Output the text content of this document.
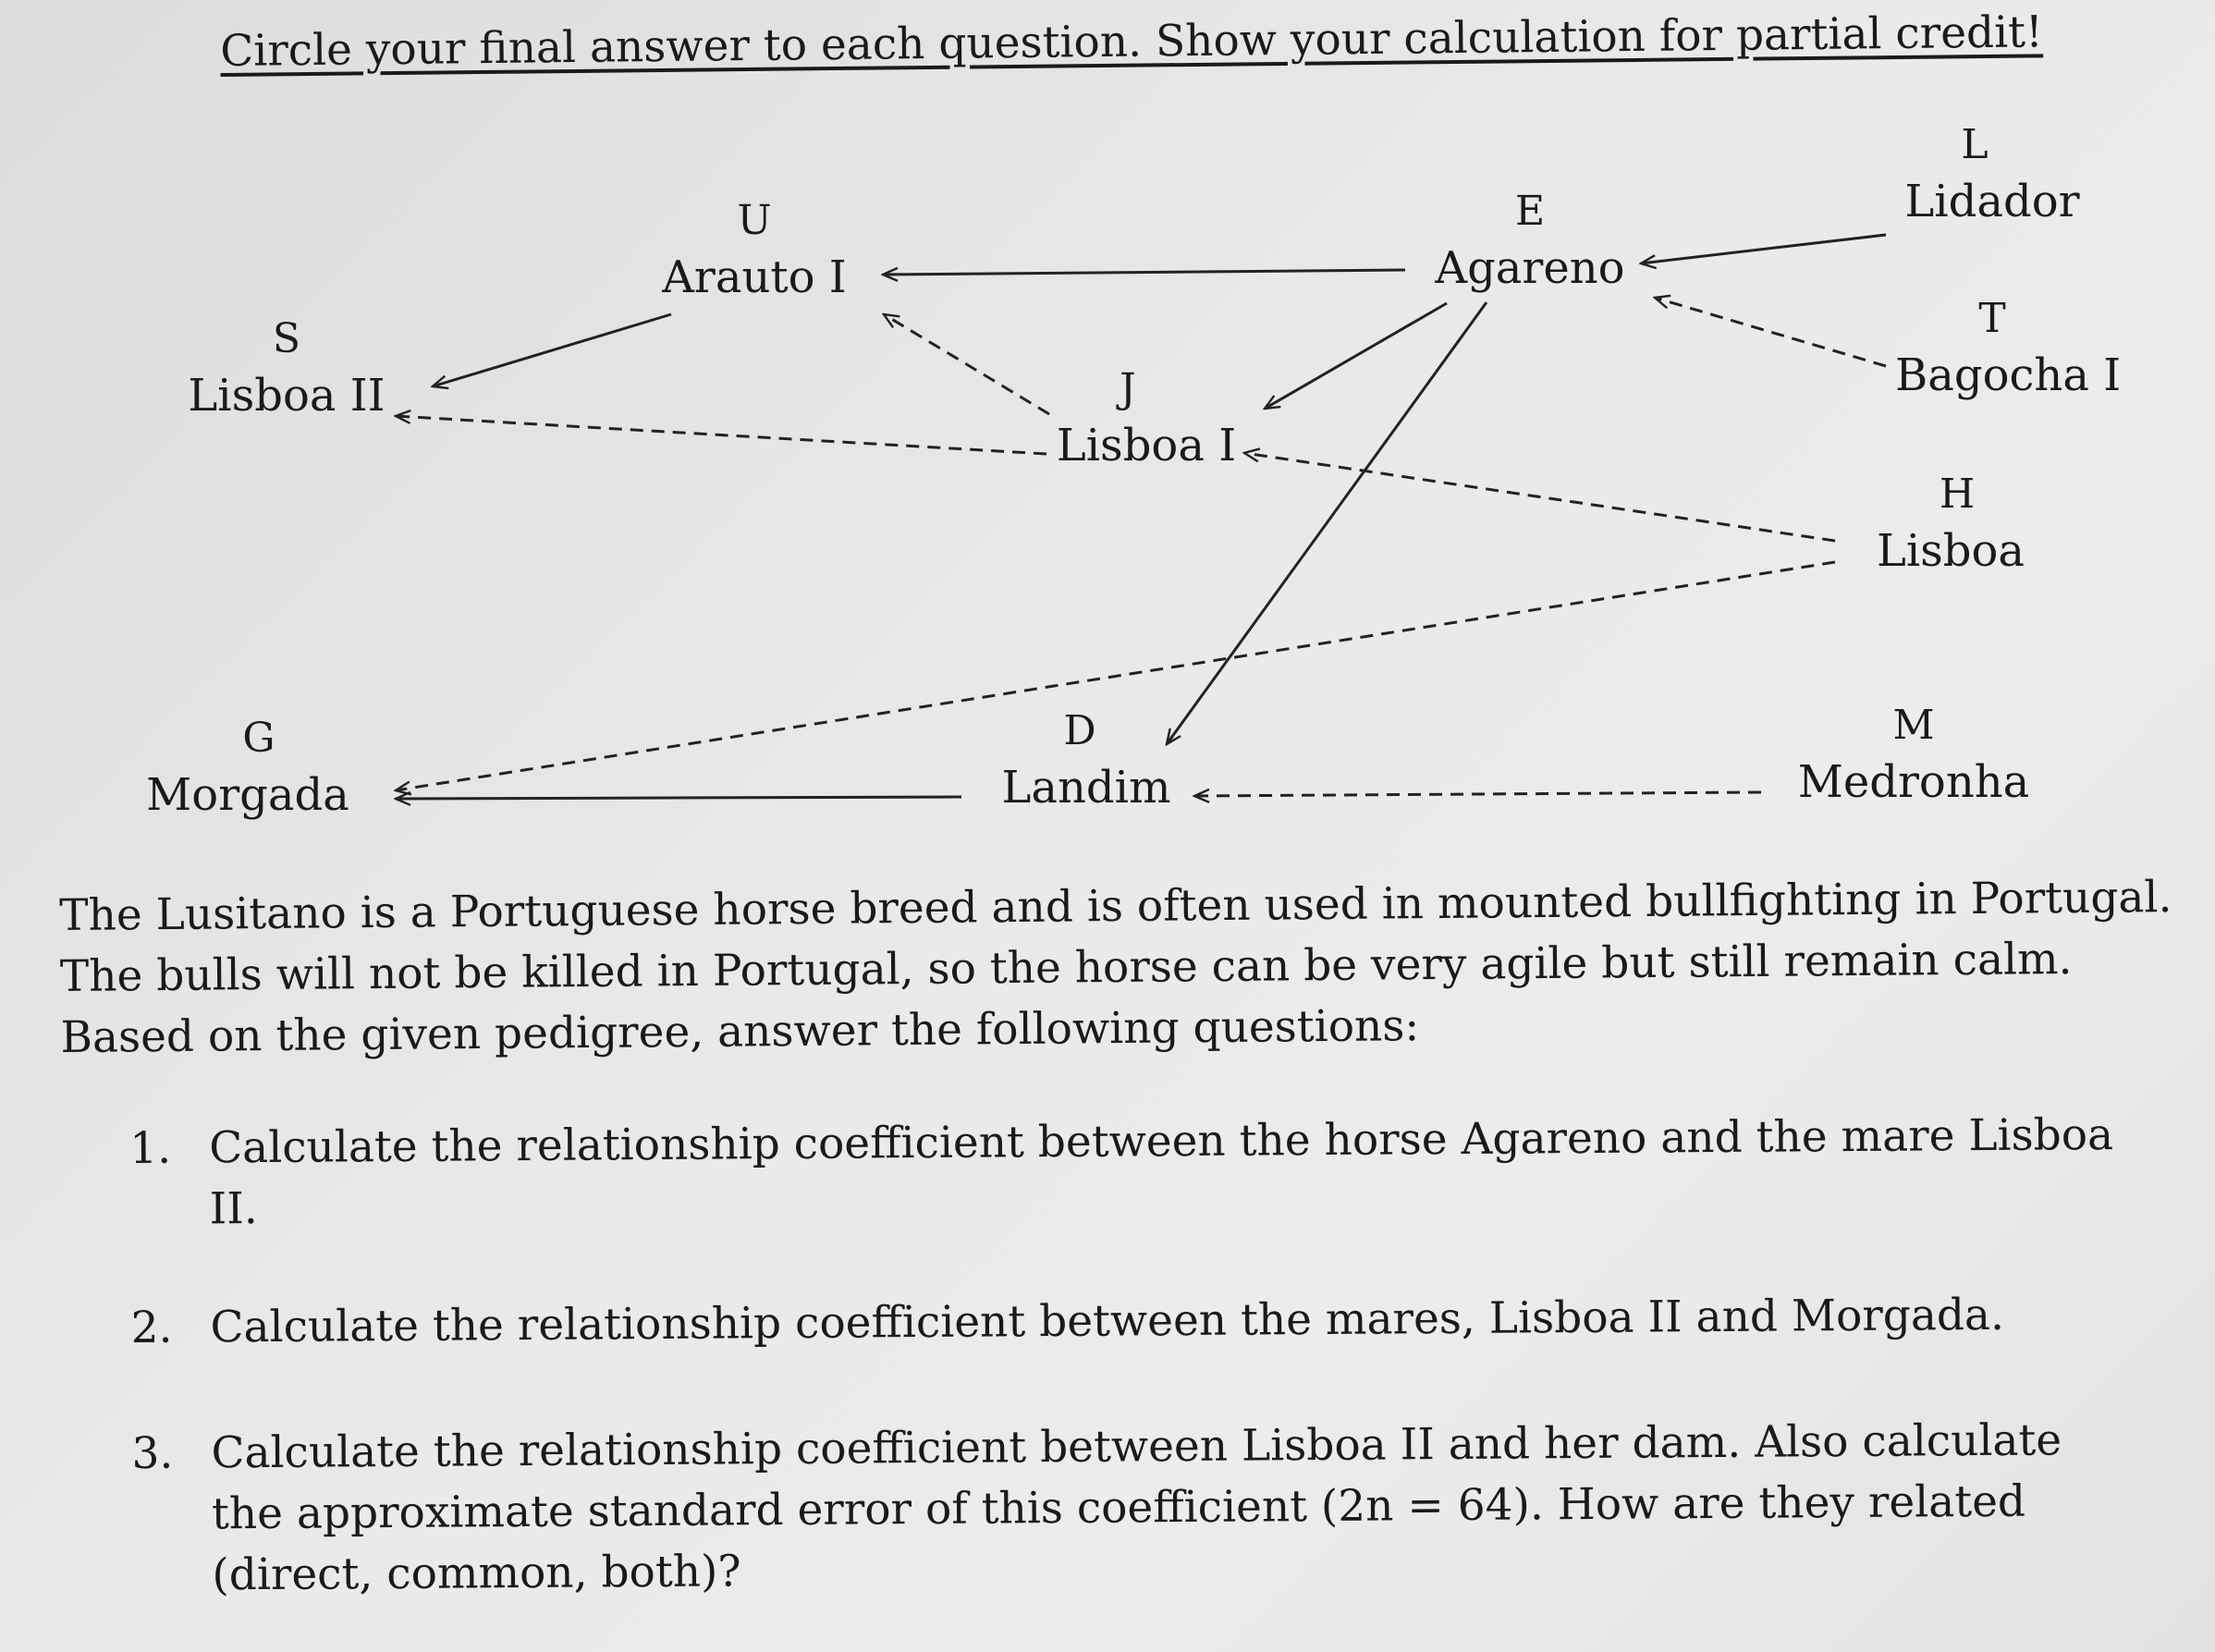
Circle your final answer to each question. Show your calculation for partial credit!
U
Arauto I
E
Agareno
L
Lidador
S
Lisboa II	J
Lisboa I
T
Bagocha I
H
Lisboa
G
Morgada
D
Landim
M
Medronha

The Lusitano is a Portuguese horse breed and is often used in mounted bullfighting in Portugal.

The bulls will not be killed in Portugal, so the horse can be very agile but still remain calm.

Based on the given pedigree, answer the following questions:

1. Calculate the relationship coefficient between the horse Agareno and the mare Lisboa II.
2. Calculate the relationship coefficient between the mares, Lisboa II and Morgada.
3. Calculate the relationship coefficient between Lisboa II and her dam. Also calculate the approximate standard error of this coefficient (2n = 64). How are they related (direct, common, both)?
